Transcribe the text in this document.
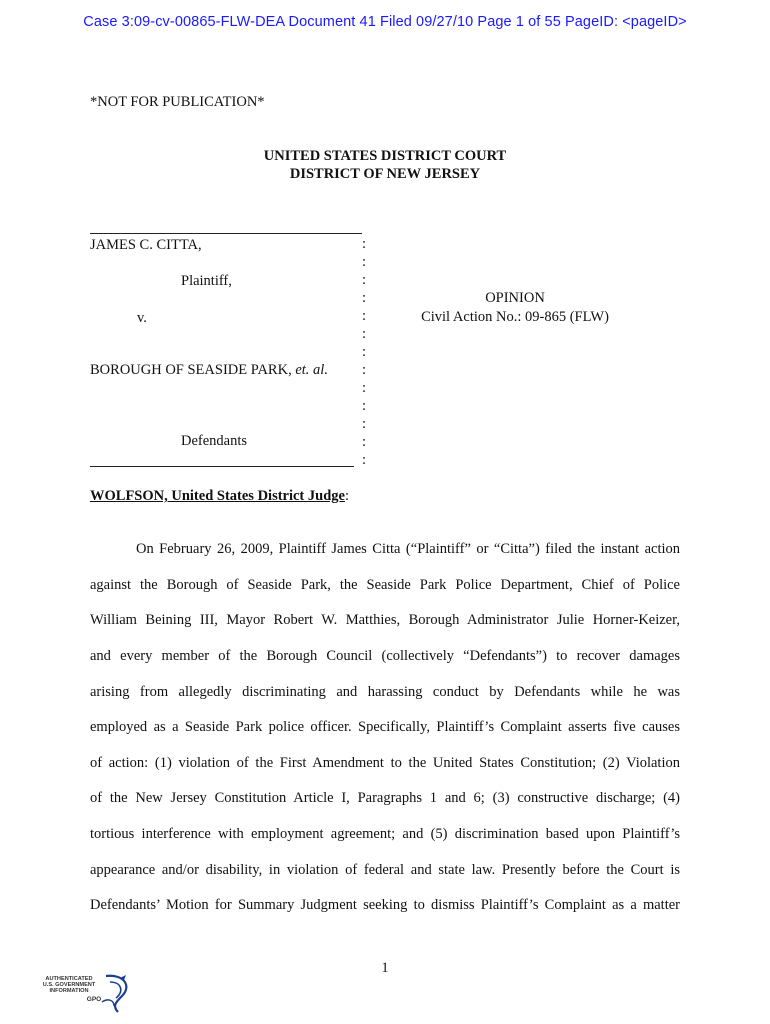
Case 3:09-cv-00865-FLW-DEA Document 41 Filed 09/27/10 Page 1 of 55 PageID: <pageID>
*NOT FOR PUBLICATION*
UNITED STATES DISTRICT COURT
DISTRICT OF NEW JERSEY
JAMES C. CITTA,
Plaintiff,
v.
BOROUGH OF SEASIDE PARK, et. al.
Defendants
:
:
:
:
:
:
:
:
:
:
:
:
:
OPINION
Civil Action No.: 09-865 (FLW)
WOLFSON, United States District Judge:
On February 26, 2009, Plaintiff James Citta (“Plaintiff” or “Citta”) filed the instant action
against the Borough of Seaside Park, the Seaside Park Police Department, Chief of Police
William Beining III, Mayor Robert W. Matthies, Borough Administrator Julie Horner-Keizer,
and every member of the Borough Council (collectively “Defendants”) to recover damages
arising from allegedly discriminating and harassing conduct by Defendants while he was
employed as a Seaside Park police officer. Specifically, Plaintiff’s Complaint asserts five causes
of action: (1) violation of the First Amendment to the United States Constitution; (2) Violation
of the New Jersey Constitution Article I, Paragraphs 1 and 6; (3) constructive discharge; (4)
tortious interference with employment agreement; and (5) discrimination based upon Plaintiff’s
appearance and/or disability, in violation of federal and state law. Presently before the Court is
Defendants’ Motion for Summary Judgment seeking to dismiss Plaintiff’s Complaint as a matter
1
AUTHENTICATED
U.S. GOVERNMENT
INFORMATION
GPO
